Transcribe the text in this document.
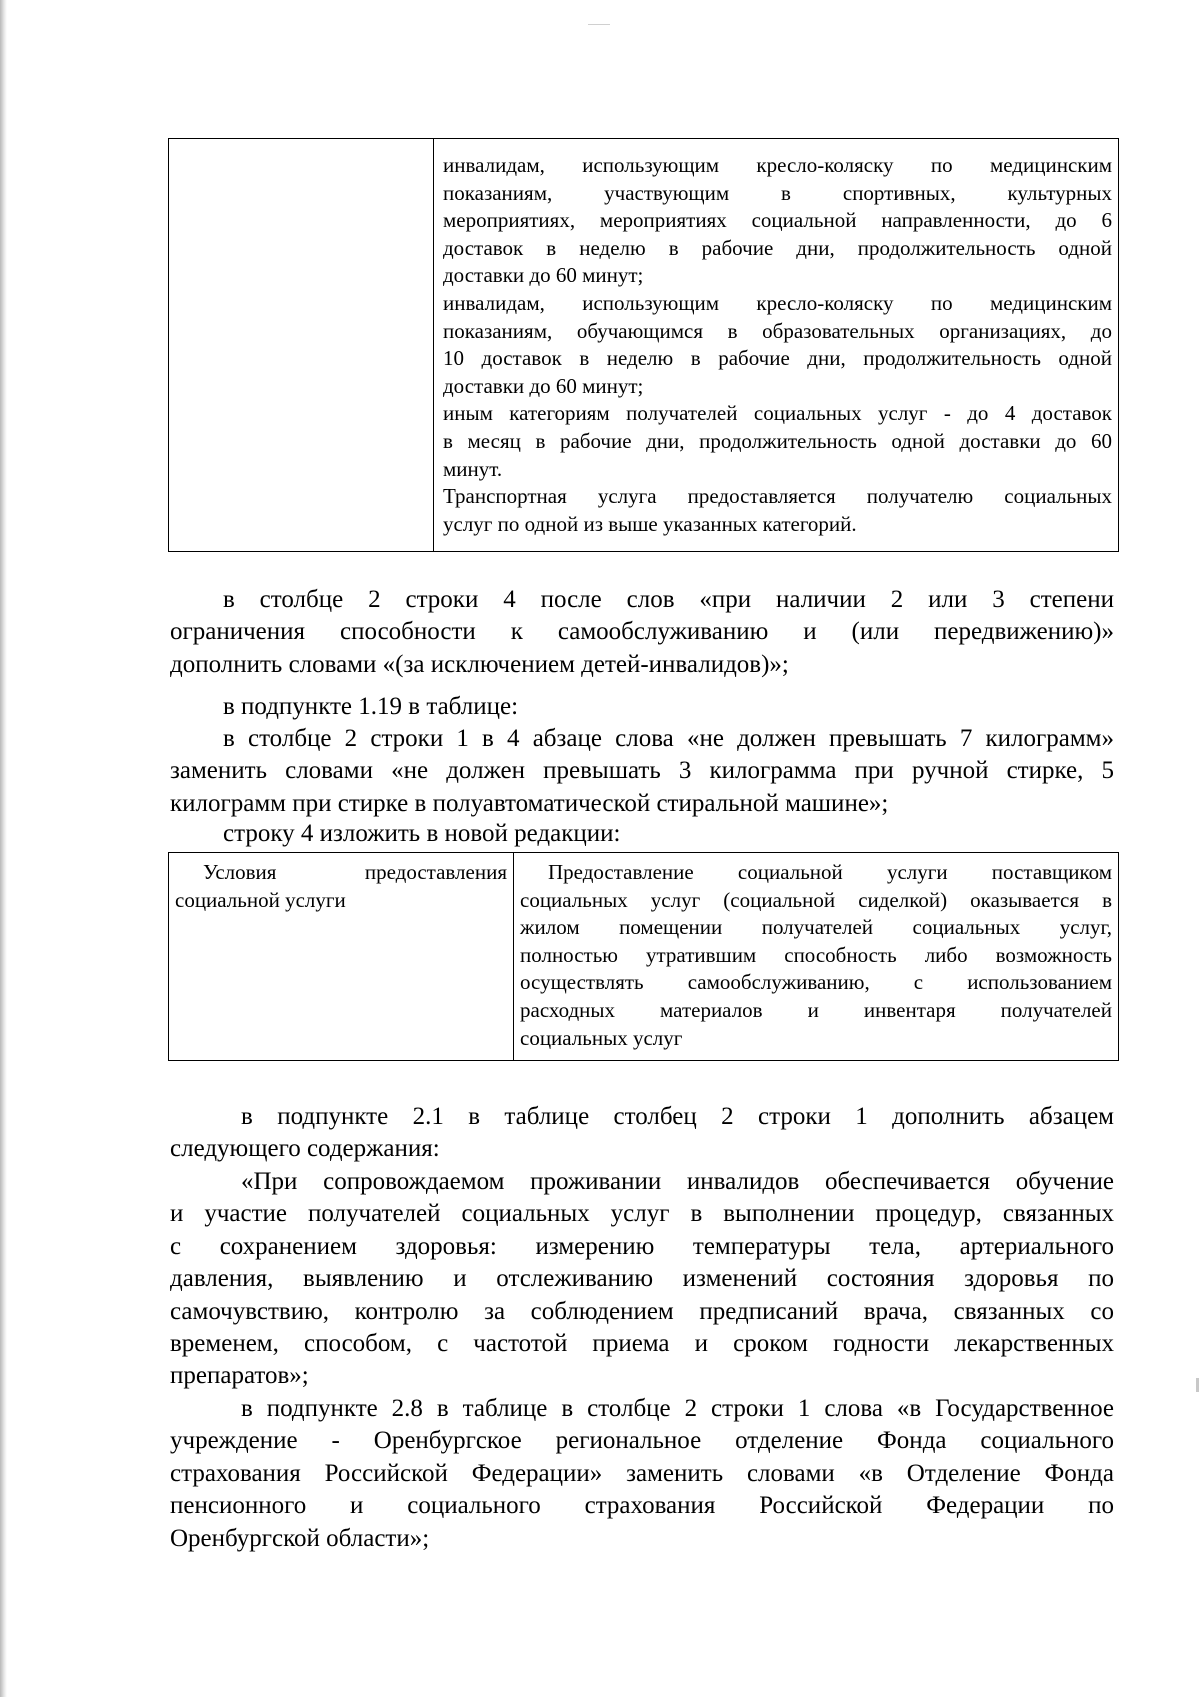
инвалидам, использующим кресло-коляску по медицинским
показаниям, участвующим в спортивных, культурных
мероприятиях, мероприятиях социальной направленности, до 6
доставок в неделю в рабочие дни, продолжительность одной
доставки до 60 минут;
инвалидам, использующим кресло-коляску по медицинским
показаниям, обучающимся в образовательных организациях, до
10 доставок в неделю в рабочие дни, продолжительность одной
доставки до 60 минут;
иным категориям получателей социальных услуг - до 4 доставок
в месяц в рабочие дни, продолжительность одной доставки до 60
минут.
Транспортная услуга предоставляется получателю социальных
услуг по одной из выше указанных категорий.
в столбце 2 строки 4 после слов «при наличии 2 или 3 степени
ограничения способности к самообслуживанию и (или передвижению)»
дополнить словами «(за исключением детей-инвалидов)»;
в подпункте 1.19 в таблице:
в столбце 2 строки 1 в 4 абзаце слова «не должен превышать 7 килограмм»
заменить словами «не должен превышать 3 килограмма при ручной стирке, 5
килограмм при стирке в полуавтоматической стиральной машине»;
строку 4 изложить в новой редакции:
Условия предоставления
социальной услуги

Предоставление социальной услуги поставщиком
социальных услуг (социальной сиделкой) оказывается в
жилом помещении получателей социальных услуг,
полностью утратившим способность либо возможность
осуществлять самообслуживанию, с использованием
расходных материалов и инвентаря получателей
социальных услуг
в подпункте 2.1 в таблице столбец 2 строки 1 дополнить абзацем
следующего содержания:
«При сопровождаемом проживании инвалидов обеспечивается обучение
и участие получателей социальных услуг в выполнении процедур, связанных
с сохранением здоровья: измерению температуры тела, артериального
давления, выявлению и отслеживанию изменений состояния здоровья по
самочувствию, контролю за соблюдением предписаний врача, связанных со
временем, способом, с частотой приема и сроком годности лекарственных
препаратов»;
в подпункте 2.8 в таблице в столбце 2 строки 1 слова «в Государственное
учреждение - Оренбургское региональное отделение Фонда социального
страхования Российской Федерации» заменить словами «в Отделение Фонда
пенсионного и социального страхования Российской Федерации по
Оренбургской области»;
